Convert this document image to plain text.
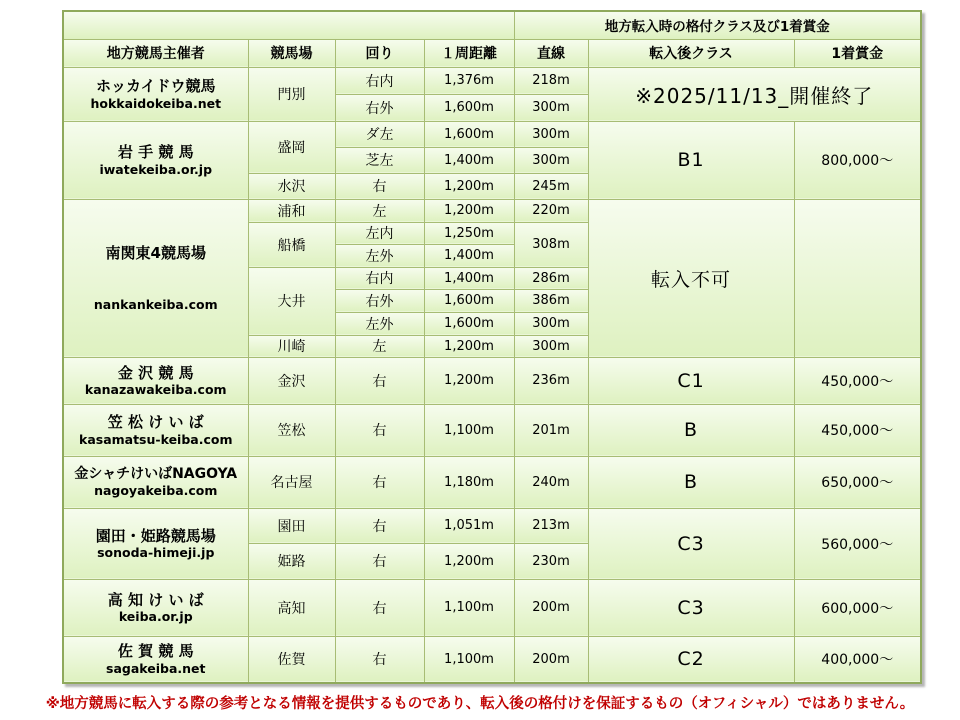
				地方転入時の格付クラス及び1着賞金		
地方競馬主催者	競馬場	回り	１周距離	直線	転入後クラス	1着賞金

ホッカイドウ競馬
hokkaidokeiba.net	門別	右内	1,376m	218m	※2025/11/13_開催終了	
		右外	1,600m	300m		

岩 手 競 馬
iwatekeiba.or.jp	盛岡	ダ左	1,600m	300m	B1	800,000～
		芝左	1,400m	300m		
	水沢	右	1,200m	245m		

南関東4競馬場
nankankeiba.com	浦和	左	1,200m	220m	転入不可	
	船橋	左内	1,250m	308m		
		左外	1,400m			
	大井	右内	1,400m	286m		
		右外	1,600m	386m		
		左外	1,600m	300m		
	川崎	左	1,200m	300m		

金 沢 競 馬
kanazawakeiba.com	金沢	右	1,200m	236m	C1	450,000～

笠 松 け い ば
kasamatsu-keiba.com	笠松	右	1,100m	201m	B	450,000～

金シャチけいばNAGOYA
nagoyakeiba.com	名古屋	右	1,180m	240m	B	650,000～

園田・姫路競馬場
sonoda-himeji.jp	園田	右	1,051m	213m	C3	560,000～
	姫路	右	1,200m	230m		

高 知 け い ば
keiba.or.jp	高知	右	1,100m	200m	C3	600,000～

佐 賀 競 馬
sagakeiba.net	佐賀	右	1,100m	200m	C2	400,000～
※地方競馬に転入する際の参考となる情報を提供するものであり、転入後の格付けを保証するもの（オフィシャル）ではありません。
